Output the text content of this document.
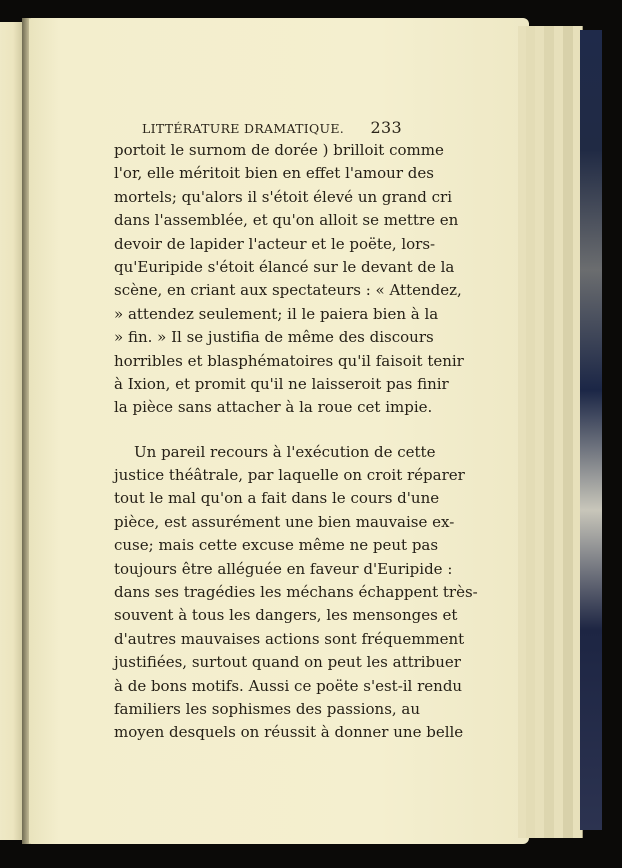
LITTÉRATURE DRAMATIQUE. 233
portoit le surnom de dorée ) brilloit comme
l'or, elle méritoit bien en effet l'amour des
mortels; qu'alors il s'étoit élevé un grand cri
dans l'assemblée, et qu'on alloit se mettre en
devoir de lapider l'acteur et le poëte, lors-
qu'Euripide s'étoit élancé sur le devant de la
scène, en criant aux spectateurs : « Attendez,
» attendez seulement; il le paiera bien à la
» fin. » Il se justifia de même des discours
horribles et blasphématoires qu'il faisoit tenir
à Ixion, et promit qu'il ne laisseroit pas finir
la pièce sans attacher à la roue cet impie.
Un pareil recours à l'exécution de cette
justice théâtrale, par laquelle on croit réparer
tout le mal qu'on a fait dans le cours d'une
pièce, est assurément une bien mauvaise ex-
cuse; mais cette excuse même ne peut pas
toujours être alléguée en faveur d'Euripide :
dans ses tragédies les méchans échappent très-
souvent à tous les dangers, les mensonges et
d'autres mauvaises actions sont fréquemment
justifiées, surtout quand on peut les attribuer
à de bons motifs. Aussi ce poëte s'est-il rendu
familiers les sophismes des passions, au
moyen desquels on réussit à donner une belle
